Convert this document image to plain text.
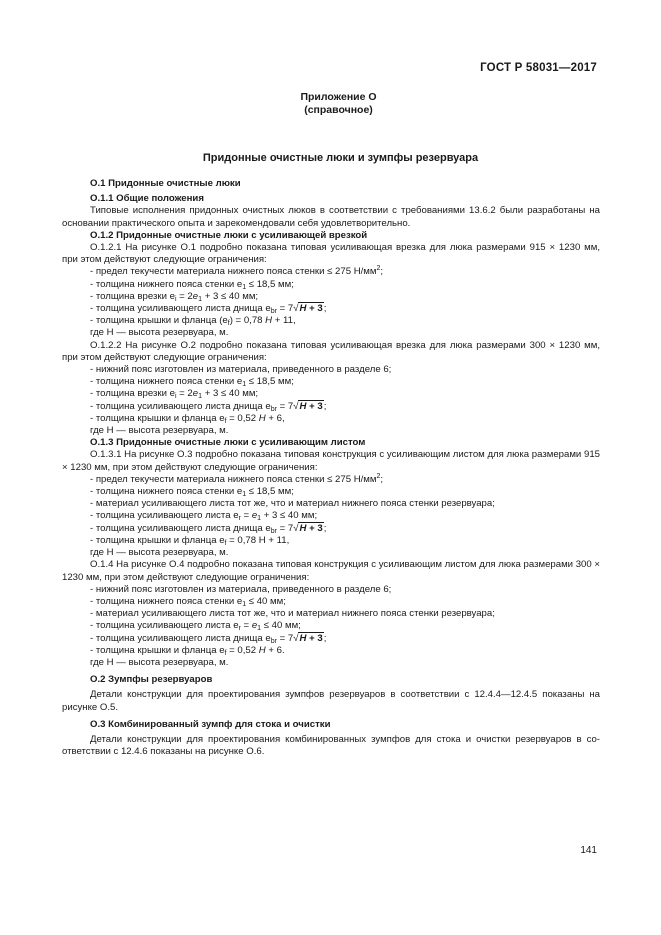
ГОСТ Р 58031—2017
Приложение О
(справочное)
Придонные очистные люки и зумпфы резервуара
О.1 Придонные очистные люки
О.1.1 Общие положения
Типовые исполнения придонных очистных люков в соответствии с требованиями 13.6.2 были разработаны на основании практического опыта и зарекомендовали себя удовлетворительно.
О.1.2 Придонные очистные люки с усиливающей врезкой
О.1.2.1 На рисунке О.1 подробно показана типовая усиливающая врезка для люка размерами 915 × 1230 мм, при этом действуют следующие ограничения:
- предел текучести материала нижнего пояса стенки ≤ 275 $Н/мм^2$;
- толщина нижнего пояса стенки $e_1 \le 18,5$ мм;
- толщина врезки $e_i = 2e_1 + 3 \le 40$ мм;
- толщина усиливающего листа днища $e_{br} = 7√H + 3$;
- толщина крышки и фланца $(e_f) = 0,78$ H + 11,
где H — высота резервуара, м.
О.1.2.2 На рисунке О.2 подробно показана типовая усиливающая врезка для люка размерами 300 × 1230 мм, при этом действуют следующие ограничения:
- нижний пояс изготовлен из материала, приведенного в разделе 6;
- толщина нижнего пояса стенки $e_1 \le 18,5$ мм;
- толщина врезки $e_i = 2e_1 + 3 \le 40$ мм;
- толщина усиливающего листа днища $e_{br} = 7√H + 3$;
- толщина крышки и фланца $e_f = 0,52$ H + 6,
где H — высота резервуара, м.
О.1.3 Придонные очистные люки с усиливающим листом
О.1.3.1 На рисунке О.3 подробно показана типовая конструкция с усиливающим листом для люка размерами 915 × 1230 мм, при этом действуют следующие ограничения:
- предел текучести материала нижнего пояса стенки ≤ 275 $Н/мм^2$;
- толщина нижнего пояса стенки $e_1 \le 18,5$ мм;
- материал усиливающего листа тот же, что и материал нижнего пояса стенки резервуара;
- толщина усиливающего листа $e_r = e_1 + 3 \le 40$ мм;
- толщина усиливающего листа днища $e_{br} = 7√H + 3$;
- толщина крышки и фланца $e_f = 0,78$ H + 11,
где H — высота резервуара, м.
О.1.4 На рисунке О.4 подробно показана типовая конструкция с усиливающим листом для люка размерами 300 × 1230 мм, при этом действуют следующие ограничения:
- нижний пояс изготовлен из материала, приведенного в разделе 6;
- толщина нижнего пояса стенки $e_1 \le 40$ мм;
- материал усиливающего листа тот же, что и материал нижнего пояса стенки резервуара;
- толщина усиливающего листа $e_r = e_1 \le 40$ мм;
- толщина усиливающего листа днища $e_{br} = 7√H + 3$;
- толщина крышки и фланца $e_f = 0,52$ H + 6.
где H — высота резервуара, м.
О.2 Зумпфы резервуаров
Детали конструкции для проектирования зумпфов резервуаров в соответствии с 12.4.4—12.4.5 показаны на рисунке О.5.
О.3 Комбинированный зумпф для стока и очистки
Детали конструкции для проектирования комбинированных зумпфов для стока и очистки резервуаров в со-ответствии с 12.4.6 показаны на рисунке О.6.
141
